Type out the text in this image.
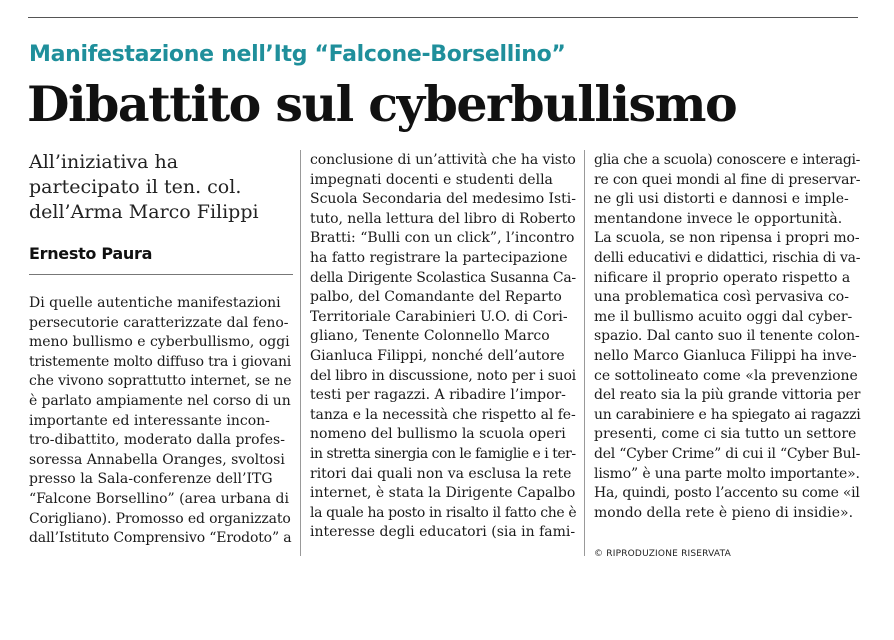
Manifestazione nell’Itg “Falcone-Borsellino”
Dibattito sul cyberbullismo
All’iniziativa ha
partecipato il ten. col.
dell’Arma Marco Filippi
Ernesto Paura
Di quelle autentiche manifestazioni
persecutorie caratterizzate dal feno-
meno bullismo e cyberbullismo, oggi
tristemente molto diffuso tra i giovani
che vivono soprattutto internet, se ne
è parlato ampiamente nel corso di un
importante ed interessante incon-
tro-dibattito, moderato dalla profes-
soressa Annabella Oranges, svoltosi
presso la Sala-conferenze dell’ITG
“Falcone Borsellino” (area urbana di
Corigliano). Promosso ed organizzato
dall’Istituto Comprensivo “Erodoto” a
conclusione di un’attività che ha visto
impegnati docenti e studenti della
Scuola Secondaria del medesimo Isti-
tuto, nella lettura del libro di Roberto
Bratti: “Bulli con un click”, l’incontro
ha fatto registrare la partecipazione
della Dirigente Scolastica Susanna Ca-
palbo, del Comandante del Reparto
Territoriale Carabinieri U.O. di Cori-
gliano, Tenente Colonnello Marco
Gianluca Filippi, nonché dell’autore
del libro in discussione, noto per i suoi
testi per ragazzi. A ribadire l’impor-
tanza e la necessità che rispetto al fe-
nomeno del bullismo la scuola operi
in stretta sinergia con le famiglie e i ter-
ritori dai quali non va esclusa la rete
internet, è stata la Dirigente Capalbo
la quale ha posto in risalto il fatto che è
interesse degli educatori (sia in fami-
glia che a scuola) conoscere e interagi-
re con quei mondi al fine di preservar-
ne gli usi distorti e dannosi e imple-
mentandone invece le opportunità.
La scuola, se non ripensa i propri mo-
delli educativi e didattici, rischia di va-
nificare il proprio operato rispetto a
una problematica così pervasiva co-
me il bullismo acuito oggi dal cyber-
spazio. Dal canto suo il tenente colon-
nello Marco Gianluca Filippi ha inve-
ce sottolineato come «la prevenzione
del reato sia la più grande vittoria per
un carabiniere e ha spiegato ai ragazzi
presenti, come ci sia tutto un settore
del “Cyber Crime” di cui il “Cyber Bul-
lismo” è una parte molto importante».
Ha, quindi, posto l’accento su come «il
mondo della rete è pieno di insidie».
© RIPRODUZIONE RISERVATA
